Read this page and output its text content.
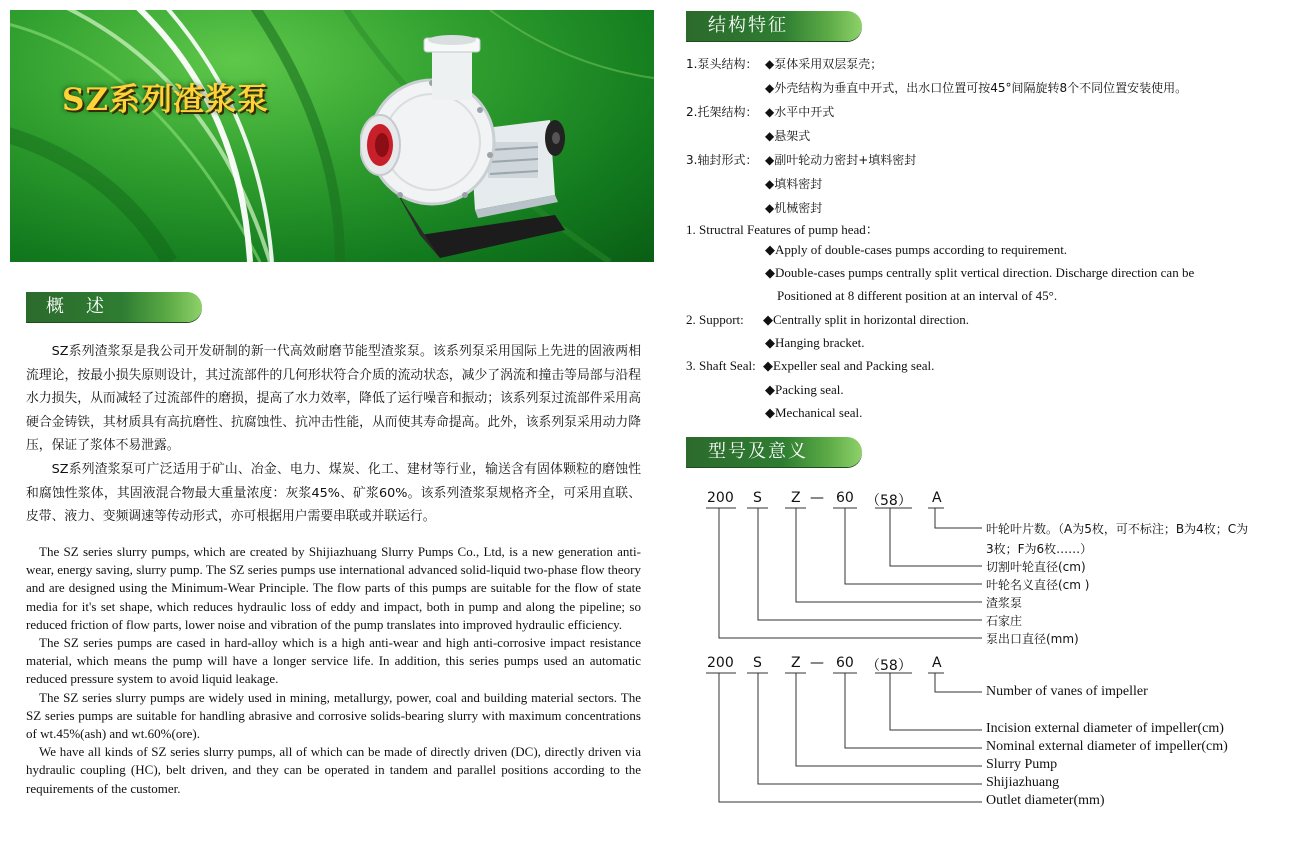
SZ系列渣浆泵
概　述

SZ系列渣浆泵是我公司开发研制的新一代高效耐磨节能型渣浆泵。该系列泵采用国际上先进的固液两相流理论，按最小损失原则设计，其过流部件的几何形状符合介质的流动状态，减少了涡流和撞击等局部与沿程水力损失，从而减轻了过流部件的磨损，提高了水力效率，降低了运行噪音和振动；该系列泵过流部件采用高硬合金铸铁，其材质具有高抗磨性、抗腐蚀性、抗冲击性能，从而使其寿命提高。此外，该系列泵采用动力降压，保证了浆体不易泄露。

SZ系列渣浆泵可广泛适用于矿山、冶金、电力、煤炭、化工、建材等行业，输送含有固体颗粒的磨蚀性和腐蚀性浆体，其固液混合物最大重量浓度：灰浆45%、矿浆60%。该系列渣浆泵规格齐全，可采用直联、皮带、液力、变频调速等传动形式，亦可根据用户需要串联或并联运行。

The SZ series slurry pumps, which are created by Shijiazhuang Slurry Pumps Co., Ltd, is a new generation anti-wear, energy saving, slurry pump. The SZ series pumps use international advanced solid-liquid two-phase flow theory and are designed using the Minimum-Wear Principle. The flow parts of this pumps are suitable for the flow of state media for it's set shape, which reduces hydraulic loss of eddy and impact, both in pump and along the pipeline; so reduced friction of flow parts, lower noise and vibration of the pump translates into improved hydraulic efficiency.

The SZ series pumps are cased in hard-alloy which is a high anti-wear and high anti-corrosive impact resistance material, which means the pump will have a longer service life. In addition, this series pumps used an automatic reduced pressure system to avoid liquid leakage.

The SZ series slurry pumps are widely used in mining, metallurgy, power, coal and building material sectors. The SZ series pumps are suitable for handling abrasive and corrosive solids-bearing slurry with maximum concentrations of wt.45%(ash) and wt.60%(ore).

We have all kinds of SZ series slurry pumps, all of which can be made of directly driven (DC), directly driven via hydraulic coupling (HC), belt driven, and they can be operated in tandem and parallel positions according to the requirements of the customer.

结构特征
1.泵头结构： ◆泵体采用双层泵壳；
◆外壳结构为垂直中开式，出水口位置可按45°间隔旋转8个不同位置安装使用。
2.托架结构： ◆水平中开式
◆悬架式
3.轴封形式： ◆副叶轮动力密封+填料密封
◆填料密封
◆机械密封
1. Structral Features of pump head：
◆Apply of double-cases pumps according to requirement.
◆Double-cases pumps centrally split vertical direction. Discharge direction can be
Positioned at 8 different position at an interval of 45°.
2. Support: ◆Centrally split in horizontal direction.
◆Hanging bracket.
3. Shaft Seal: ◆Expeller seal and Packing seal.
◆Packing seal.
◆Mechanical seal.
型号及意义
200 S Z — 60 （58） A
叶轮叶片数。（A为5枚，可不标注；B为4枚；C为
3枚；F为6枚……）
切割叶轮直径(cm)
叶轮名义直径(cm )
渣浆泵
石家庄
泵出口直径(mm)
200 S Z — 60 （58） A
Number of vanes of impeller
Incision external diameter of impeller(cm)
Nominal external diameter of impeller(cm)
Slurry Pump
Shijiazhuang
Outlet diameter(mm)
